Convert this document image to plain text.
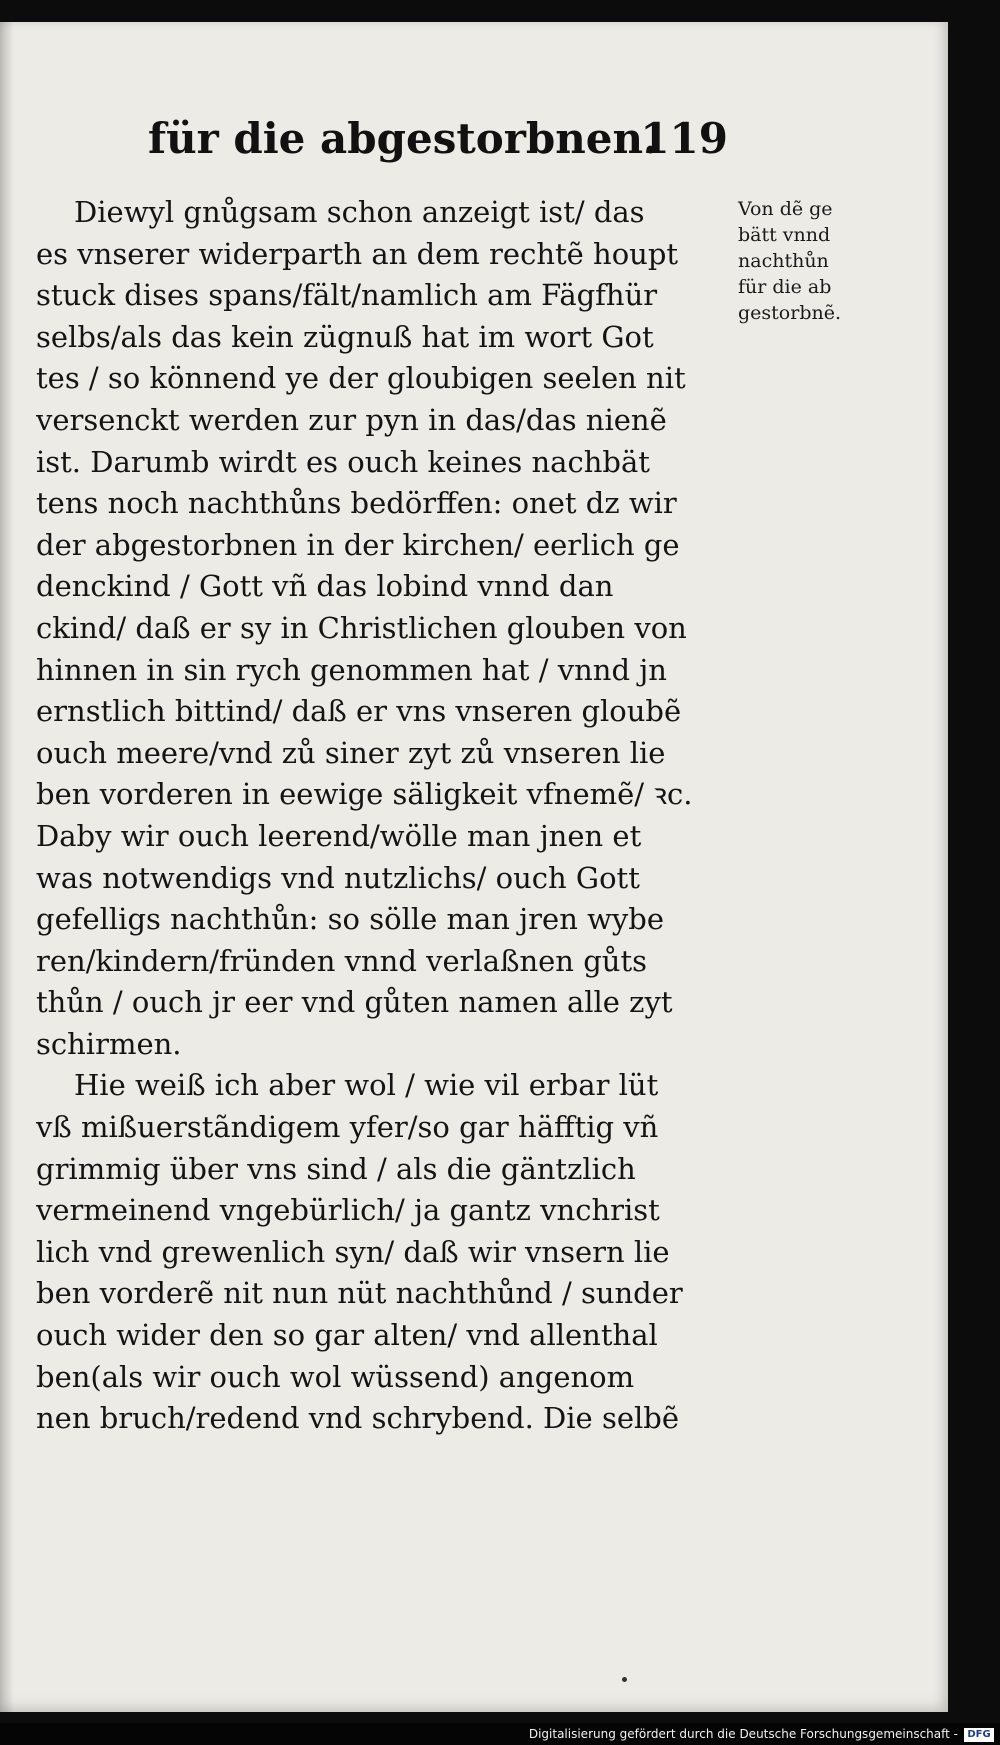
für die abgestorbnen.
119
Diewyl gnůgsam schon anzeigt ist/ das
es vnserer widerparth an dem rechtẽ houpt
stuck dises spans/fält/namlich am Fägfhür
selbs/als das kein zügnuß hat im wort Got
tes / so könnend ye der gloubigen seelen nit
versenckt werden zur pyn in das/das nienẽ
ist. Darumb wirdt es ouch keines nachbät
tens noch nachthůns bedörffen: onet dz wir
der abgestorbnen in der kirchen/ eerlich ge
denckind / Gott vñ das lobind vnnd dan
ckind/ daß er sy in Christlichen glouben von
hinnen in sin rych genommen hat / vnnd jn
ernstlich bittind/ daß er vns vnseren gloubẽ
ouch meere/vnd zů siner zyt zů vnseren lie
ben vorderen in eewige säligkeit vfnemẽ/ ꝛc.
Daby wir ouch leerend/wölle man jnen et
was notwendigs vnd nutzlichs/ ouch Gott
gefelligs nachthůn: so sölle man jren wybe
ren/kindern/fründen vnnd verlaßnen gůts
thůn / ouch jr eer vnd gůten namen alle zyt
schirmen.
Hie weiß ich aber wol / wie vil erbar lüt
vß mißuerstãndigem yfer/so gar häfftig vñ
grimmig über vns sind / als die gäntzlich
vermeinend vngebürlich/ ja gantz vnchrist
lich vnd grewenlich syn/ daß wir vnsern lie
ben vorderẽ nit nun nüt nachthůnd / sunder
ouch wider den so gar alten/ vnd allenthal
ben(als wir ouch wol wüssend) angenom
nen bruch/redend vnd schrybend. Die selbẽ
Von dẽ ge
bätt vnnd
nachthůn
für die ab
gestorbnẽ.
Digitalisierung gefördert durch die Deutsche Forschungsgemeinschaft - DFG
